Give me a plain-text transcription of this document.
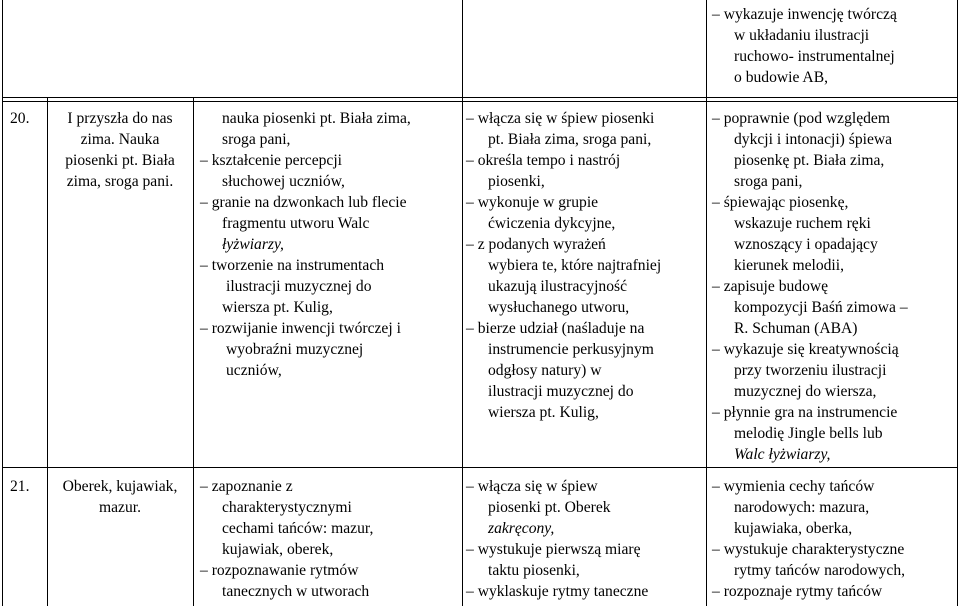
– wykazuje inwencję twórczą
w układaniu ilustracji
ruchowo- instrumentalnej
o budowie AB,
20.	I przyszła do nas
zima. Nauka
piosenki pt. Biała
zima, sroga pani.
nauka piosenki pt. Biała zima,
sroga pani,
– kształcenie percepcji
słuchowej uczniów,
– granie na dzwonkach lub flecie
fragmentu utworu Walc
łyżwiarzy,
– tworzenie na instrumentach
ilustracji muzycznej do
wiersza pt. Kulig,
– rozwijanie inwencji twórczej i
wyobraźni muzycznej
uczniów,
– włącza się w śpiew piosenki
pt. Biała zima, sroga pani,
– określa tempo i nastrój
piosenki,
– wykonuje w grupie
ćwiczenia dykcyjne,
– z podanych wyrażeń
wybiera te, które najtrafniej
ukazują ilustracyjność
wysłuchanego utworu,
– bierze udział (naśladuje na
instrumencie perkusyjnym
odgłosy natury) w
ilustracji muzycznej do
wiersza pt. Kulig,
– poprawnie (pod względem
dykcji i intonacji) śpiewa
piosenkę pt. Biała zima,
sroga pani,
– śpiewając piosenkę,
wskazuje ruchem ręki
wznoszący i opadający
kierunek melodii,
– zapisuje budowę
kompozycji Baśń zimowa –
R. Schuman (ABA)
– wykazuje się kreatywnością
przy tworzeniu ilustracji
muzycznej do wiersza,
– płynnie gra na instrumencie
melodię Jingle bells lub
Walc łyżwiarzy,
21.	Oberek, kujawiak,
mazur.
– zapoznanie z
charakterystycznymi
cechami tańców: mazur,
kujawiak, oberek,
– rozpoznawanie rytmów
tanecznych w utworach
– włącza się w śpiew
piosenki pt. Oberek
zakręcony,
– wystukuje pierwszą miarę
taktu piosenki,
– wyklaskuje rytmy taneczne
– wymienia cechy tańców
narodowych: mazura,
kujawiaka, oberka,
– wystukuje charakterystyczne
rytmy tańców narodowych,
– rozpoznaje rytmy tańców
